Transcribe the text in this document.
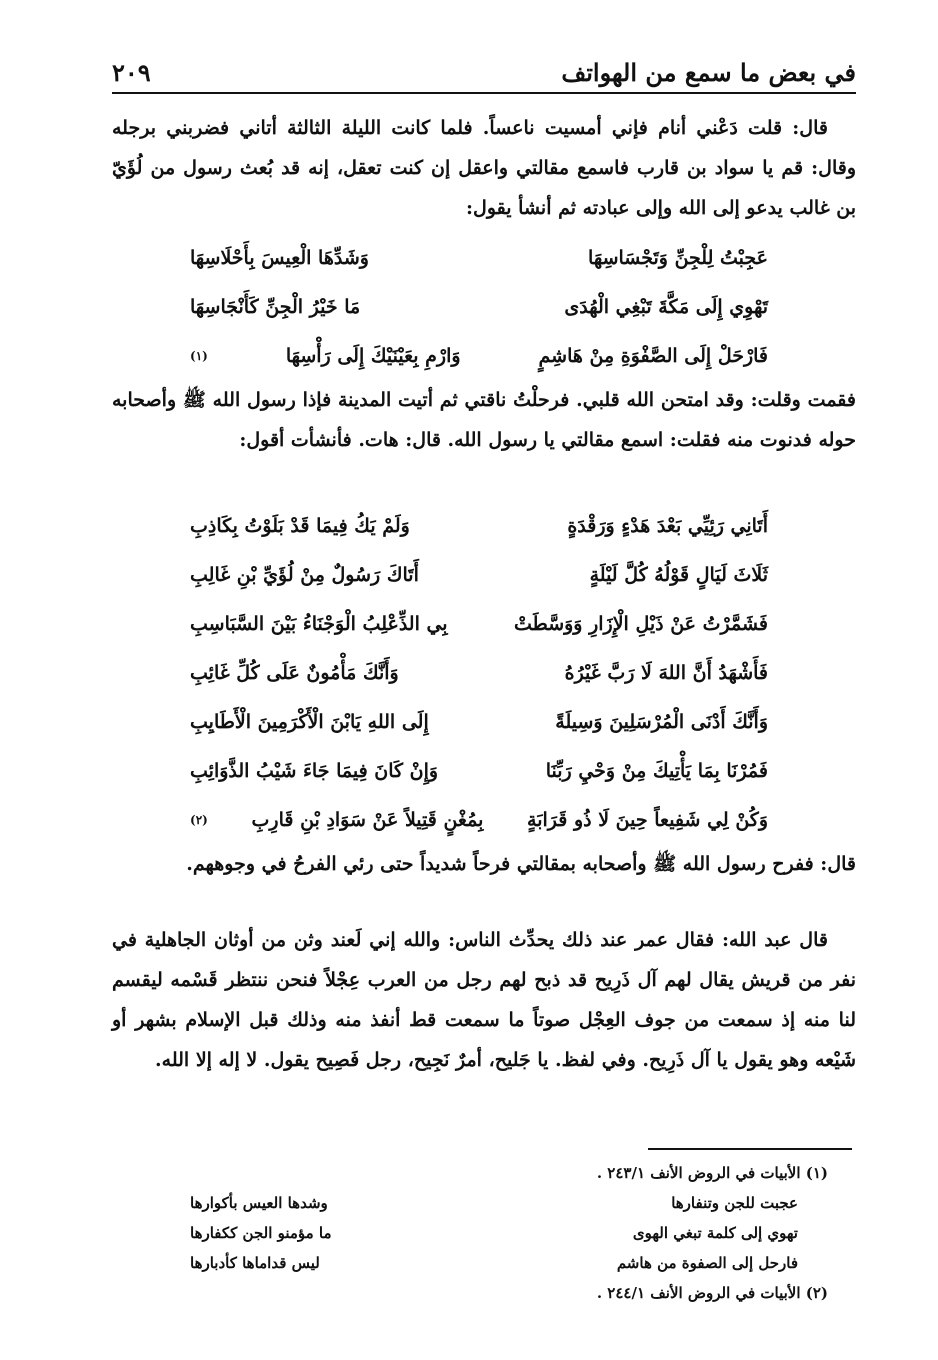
في بعض ما سمع من الهواتف
٢٠٩

قال: قلت دَعْني أنام فإني أمسيت ناعساً. فلما كانت الليلة الثالثة أتاني فضربني برجله وقال: قم يا سواد بن قارب فاسمع مقالتي واعقل إن كنت تعقل، إنه قد بُعث رسول من لُؤَيّ بن غالب يدعو إلى الله وإلى عبادته ثم أنشأ يقول:

عَجِبْتُ لِلْجِنِّ وَتَجْسَاسِهَا
وَشَدِّهَا الْعِيسَ بِأَحْلَاسِهَا
تَهْوِي إِلَى مَكَّةَ تَبْغِي الْهُدَى
مَا خَيْرُ الْجِنِّ كَأَنْجَاسِهَا
فَارْحَلْ إِلَى الصَّفْوَةِ مِنْ هَاشِمٍ
وَارْمِ بِعَيْنَيْكَ إِلَى رَأْسِهَا
(١)

فقمت وقلت: وقد امتحن الله قلبي. فرحلْتُ ناقتي ثم أتيت المدينة فإذا رسول الله ﷺ وأصحابه حوله فدنوت منه فقلت: اسمع مقالتي يا رسول الله. قال: هات. فأنشأت أقول:

أَتَانِي رَئِيِّي بَعْدَ هَدْءٍ وَرَقْدَةٍ
وَلَمْ يَكُ فِيمَا قَدْ بَلَوْتُ بِكَاذِبِ
ثَلَاثَ لَيَالٍ قَوْلُهُ كُلَّ لَيْلَةٍ
أَتَاكَ رَسُولٌ مِنْ لُؤَيِّ بْنِ غَالِبِ
فَشَمَّرْتُ عَنْ ذَيْلِ الْإِزَارِ وَوَسَّطَتْ
بِي الذِّعْلِبُ الْوَجْنَاءُ بَيْنَ السَّبَاسِبِ
فَأَشْهَدُ أَنَّ اللهَ لَا رَبَّ غَيْرُهُ
وَأَنَّكَ مَأْمُونٌ عَلَى كُلِّ غَائِبِ
وَأَنَّكَ أَدْنَى الْمُرْسَلِينَ وَسِيلَةً
إِلَى اللهِ يَابْنَ الْأَكْرَمِينَ الْأَطَايِبِ
فَمُرْنَا بِمَا يَأْتِيكَ مِنْ وَحْيِ رَبِّنَا
وَإِنْ كَانَ فِيمَا جَاءَ شَيْبُ الذَّوَائِبِ
وَكُنْ لِي شَفِيعاً حِينَ لَا ذُو قَرَابَةٍ
بِمُغْنٍ قَتِيلاً عَنْ سَوَادِ بْنِ قَارِبِ
(٢)

قال: ففرح رسول الله ﷺ وأصحابه بمقالتي فرحاً شديداً حتى رئي الفرحُ في وجوههم.

قال عبد الله: فقال عمر عند ذلك يحدِّث الناس: والله إني لَعند وثن من أوثان الجاهلية في نفر من قريش يقال لهم آل ذَرِيح قد ذبح لهم رجل من العرب عِجْلاً فنحن ننتظر قَسْمه ليقسم لنا منه إذ سمعت من جوف العِجْل صوتاً ما سمعت قط أنفذ منه وذلك قبل الإسلام بشهر أو شَيْعه وهو يقول يا آل ذَرِيح. وفي لفظ. يا جَليح، أمرٌ نَجِيح، رجل فَصِيح يقول. لا إله إلا الله.

(١) الأبيات في الروض الأنف ٢٤٣/١ .
عجبت للجن وتنفارها
وشدها العيس بأكوارها
تهوي إلى كلمة تبغي الهوى
ما مؤمنو الجن ككفارها
فارحل إلى الصفوة من هاشم
ليس قداماها كأدبارها
(٢) الأبيات في الروض الأنف ٢٤٤/١ .
